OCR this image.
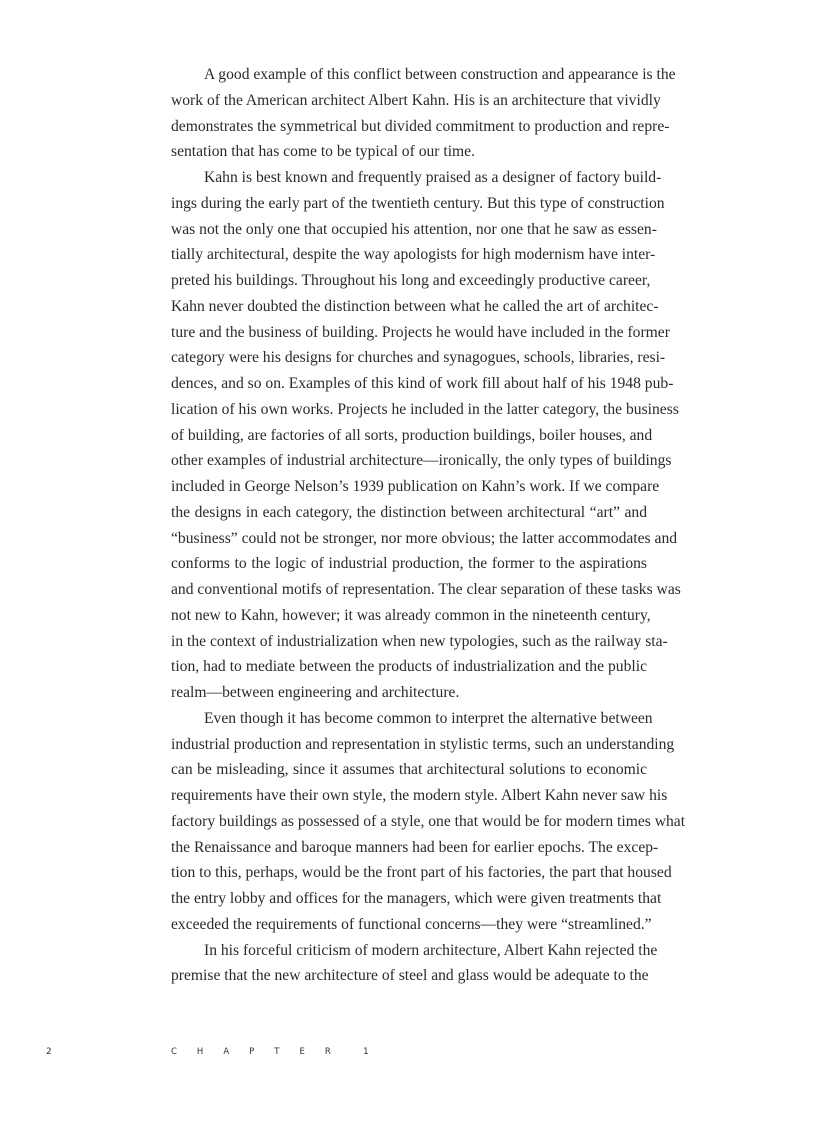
A good example of this conflict between construction and appearance is the
work of the American architect Albert Kahn. His is an architecture that vividly
demonstrates the symmetrical but divided commitment to production and repre-
sentation that has come to be typical of our time.
Kahn is best known and frequently praised as a designer of factory build-
ings during the early part of the twentieth century. But this type of construction
was not the only one that occupied his attention, nor one that he saw as essen-
tially architectural, despite the way apologists for high modernism have inter-
preted his buildings. Throughout his long and exceedingly productive career,
Kahn never doubted the distinction between what he called the art of architec-
ture and the business of building. Projects he would have included in the former
category were his designs for churches and synagogues, schools, libraries, resi-
dences, and so on. Examples of this kind of work fill about half of his 1948 pub-
lication of his own works. Projects he included in the latter category, the business
of building, are factories of all sorts, production buildings, boiler houses, and
other examples of industrial architecture—ironically, the only types of buildings
included in George Nelson’s 1939 publication on Kahn’s work. If we compare
the designs in each category, the distinction between architectural “art” and
“business” could not be stronger, nor more obvious; the latter accommodates and
conforms to the logic of industrial production, the former to the aspirations
and conventional motifs of representation. The clear separation of these tasks was
not new to Kahn, however; it was already common in the nineteenth century,
in the context of industrialization when new typologies, such as the railway sta-
tion, had to mediate between the products of industrialization and the public
realm—between engineering and architecture.
Even though it has become common to interpret the alternative between
industrial production and representation in stylistic terms, such an understanding
can be misleading, since it assumes that architectural solutions to economic
requirements have their own style, the modern style. Albert Kahn never saw his
factory buildings as possessed of a style, one that would be for modern times what
the Renaissance and baroque manners had been for earlier epochs. The excep-
tion to this, perhaps, would be the front part of his factories, the part that housed
the entry lobby and offices for the managers, which were given treatments that
exceeded the requirements of functional concerns—they were “streamlined.”
In his forceful criticism of modern architecture, Albert Kahn rejected the
premise that the new architecture of steel and glass would be adequate to the
2	CHAPTER 1
